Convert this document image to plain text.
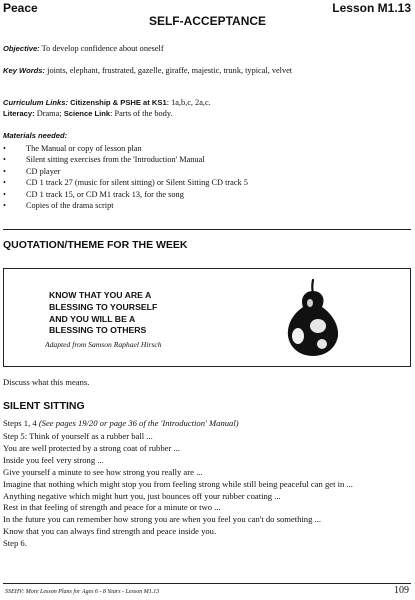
Peace	Lesson M1.13
SELF-ACCEPTANCE
Objective: To develop confidence about oneself
Key Words: joints, elephant, frustrated, gazelle, giraffe, majestic, trunk, typical, velvet
Curriculum Links: Citizenship & PSHE at KS1: 1a,b,c, 2a,c.
Literacy: Drama; Science Link: Parts of the body.
Materials needed:
• The Manual or copy of lesson plan
• Silent sitting exercises from the 'Introduction' Manual
• CD player
• CD 1 track 27 (music for silent sitting) or Silent Sitting CD track 5
• CD 1 track 15, or CD M1 track 13, for the song
• Copies of the drama script
QUOTATION/THEME FOR THE WEEK
KNOW THAT YOU ARE A
BLESSING TO YOURSELF
AND YOU WILL BE A
BLESSING TO OTHERS
Adapted from Samson Raphael Hirsch
Discuss what this means.
SILENT SITTING
Steps 1, 4 (See pages 19/20 or page 36 of the 'Introduction' Manual)
Step 5: Think of yourself as a rubber ball ...
You are well protected by a strong coat of rubber ...
Inside you feel very strong ...
Give yourself a minute to see how strong you really are ...
Imagine that nothing which might stop you from feeling strong while still being peaceful can get in ...
Anything negative which might hurt you, just bounces off your rubber coating ...
Rest in that feeling of strength and peace for a minute or two ...
In the future you can remember how strong you are when you feel you can't do something ...
Know that you can always find strength and peace inside you.
Step 6.
SSEHV: More Lesson Plans for Ages 6 - 8 Years - Lesson M1.13	109
